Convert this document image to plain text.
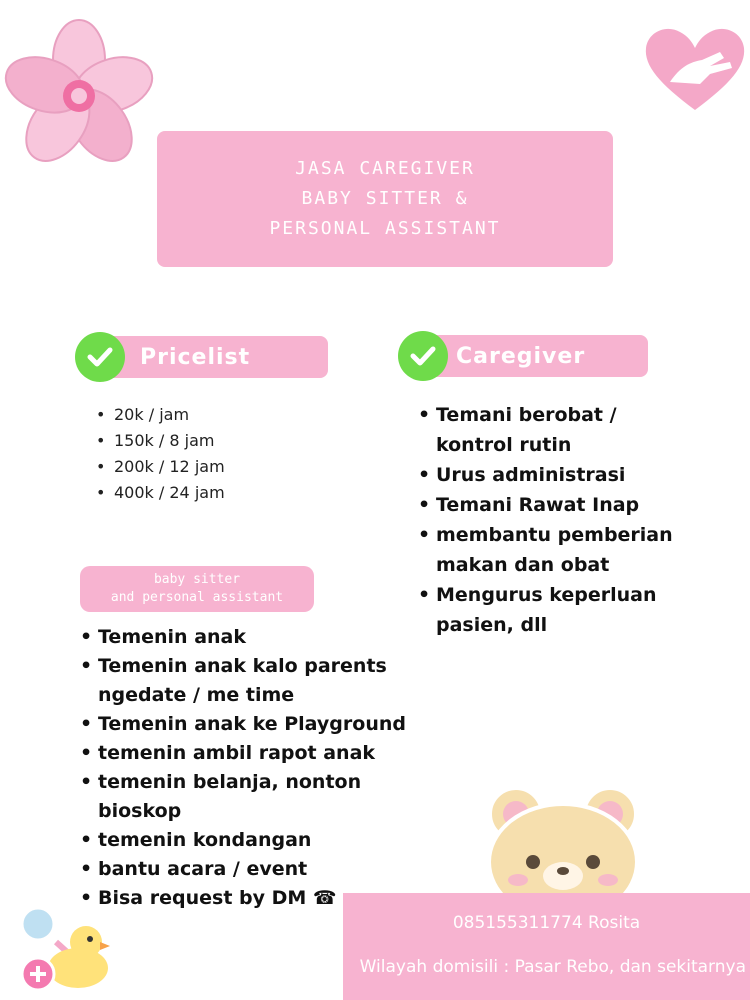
JASA CAREGIVER
BABY SITTER &
PERSONAL ASSISTANT
Pricelist	Caregiver
• 20k / jam
• 150k / 8 jam
• 200k / 12 jam
• 400k / 24 jam
• Temani berobat / kontrol rutin
• Urus administrasi
• Temani Rawat Inap
• membantu pemberian makan dan obat
• Mengurus keperluan pasien, dll
baby sitter
and personal assistant
• Temenin anak
• Temenin anak kalo parents ngedate / me time
• Temenin anak ke Playground
• temenin ambil rapot anak
• temenin belanja, nonton bioskop
• temenin kondangan
• bantu acara / event
• Bisa request by DM ☎
085155311774 Rosita
Wilayah domisili : Pasar Rebo, dan sekitarnya
